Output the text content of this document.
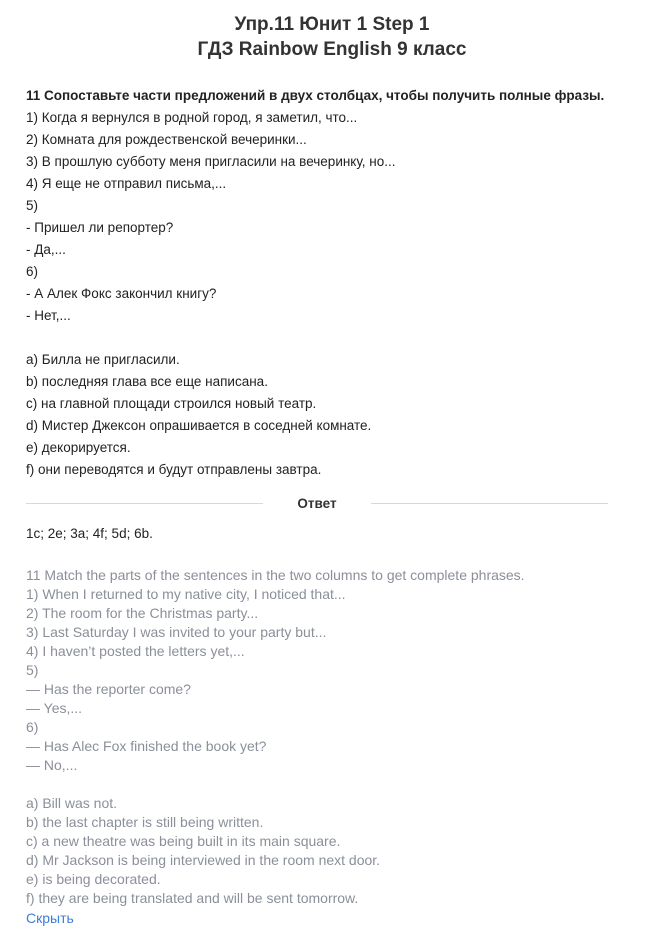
Упр.11 Юнит 1 Step 1
ГДЗ Rainbow English 9 класс
11 Сопоставьте части предложений в двух столбцах, чтобы получить полные фразы.
1) Когда я вернулся в родной город, я заметил, что...
2) Комната для рождественской вечеринки...
3) В прошлую субботу меня пригласили на вечеринку, но...
4) Я еще не отправил письма,...
5)
- Пришел ли репортер?
- Да,...
6)
- А Алек Фокс закончил книгу?
- Нет,...
a) Билла не пригласили.
b) последняя глава все еще написана.
c) на главной площади строился новый театр.
d) Мистер Джексон опрашивается в соседней комнате.
e) декорируется.
f) они переводятся и будут отправлены завтра.
Ответ
1c; 2e; 3a; 4f; 5d; 6b.
11 Match the parts of the sentences in the two columns to get complete phrases.
1) When I returned to my native city, I noticed that...
2) The room for the Christmas party...
3) Last Saturday I was invited to your party but...
4) I haven’t posted the letters yet,...
5)
— Has the reporter come?
— Yes,...
6)
— Has Alec Fox finished the book yet?
— No,...
a) Bill was not.
b) the last chapter is still being written.
c) a new theatre was being built in its main square.
d) Mr Jackson is being interviewed in the room next door.
e) is being decorated.
f) they are being translated and will be sent tomorrow.
Скрыть
